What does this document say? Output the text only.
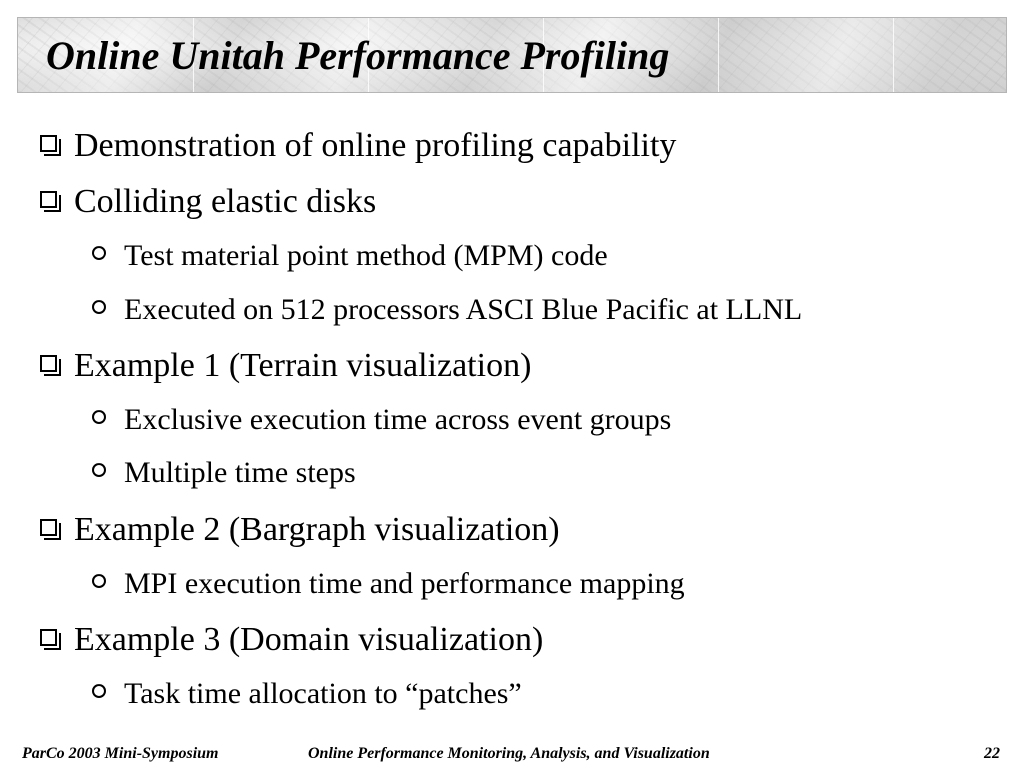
Online Unitah Performance Profiling
Demonstration of online profiling capability
Colliding elastic disks
Test material point method (MPM) code
Executed on 512 processors ASCI Blue Pacific at LLNL
Example 1 (Terrain visualization)
Exclusive execution time across event groups
Multiple time steps
Example 2 (Bargraph visualization)
MPI execution time and performance mapping
Example 3 (Domain visualization)
Task time allocation to “patches”
ParCo 2003 Mini-Symposium	Online Performance Monitoring, Analysis, and Visualization	22
